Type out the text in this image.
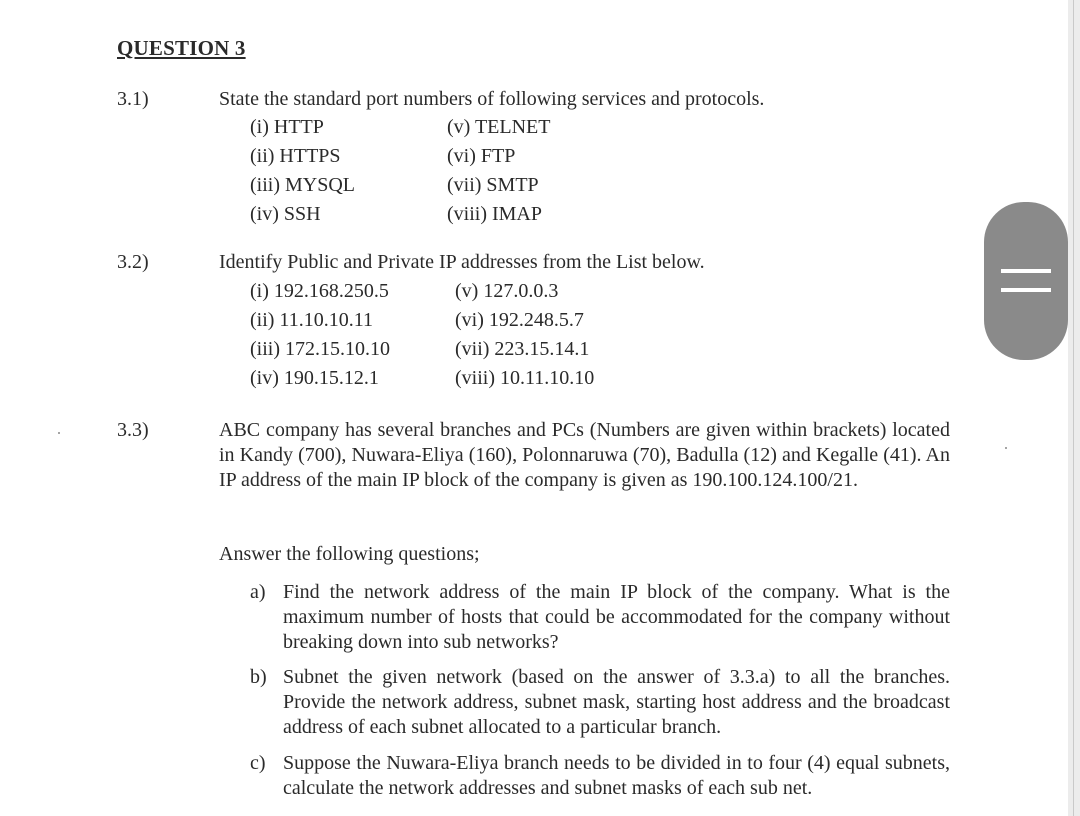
QUESTION 3
3.1)	State the standard port numbers of following services and protocols.
(i) HTTP
(ii) HTTPS
(iii) MYSQL
(iv) SSH
(v) TELNET
(vi) FTP
(vii) SMTP
(viii) IMAP
3.2)	Identify Public and Private IP addresses from the List below.
(i) 192.168.250.5
(ii) 11.10.10.11
(iii) 172.15.10.10
(iv) 190.15.12.1
(v) 127.0.0.3
(vi) 192.248.5.7
(vii) 223.15.14.1
(viii) 10.11.10.10
3.3)	ABC company has several branches and PCs (Numbers are given within brackets) located in Kandy (700), Nuwara-Eliya (160), Polonnaruwa (70), Badulla (12) and Kegalle (41). An IP address of the main IP block of the company is given as 190.100.124.100/21.
Answer the following questions;
a) Find the network address of the main IP block of the company. What is the maximum number of hosts that could be accommodated for the company without breaking down into sub networks?
b) Subnet the given network (based on the answer of 3.3.a) to all the branches. Provide the network address, subnet mask, starting host address and the broadcast address of each subnet allocated to a particular branch.
c) Suppose the Nuwara-Eliya branch needs to be divided in to four (4) equal subnets, calculate the network addresses and subnet masks of each sub net.
